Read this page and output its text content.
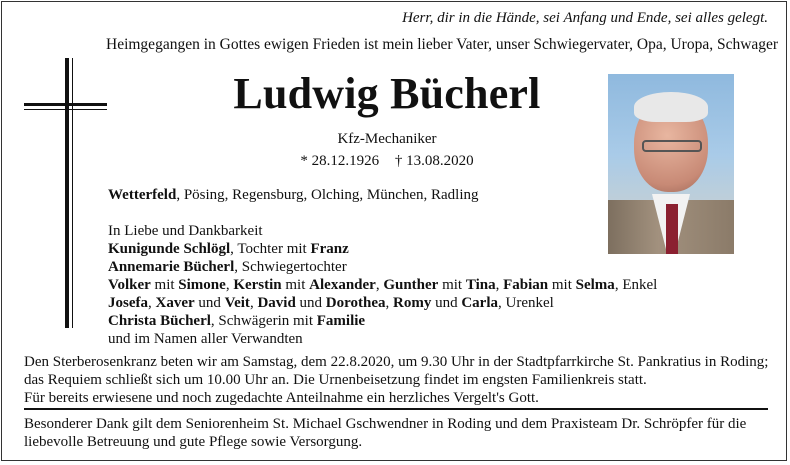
Herr, dir in die Hände, sei Anfang und Ende, sei alles gelegt.
Heimgegangen in Gottes ewigen Frieden ist mein lieber Vater, unser Schwiegervater, Opa, Uropa, Schwager
Ludwig Bücherl
Kfz-Mechaniker
* 28.12.1926 † 13.08.2020
Wetterfeld, Pösing, Regensburg, Olching, München, Radling
In Liebe und Dankbarkeit
Kunigunde Schlögl, Tochter mit Franz
Annemarie Bücherl, Schwiegertochter
Volker mit Simone, Kerstin mit Alexander, Gunther mit Tina, Fabian mit Selma, Enkel
Josefa, Xaver und Veit, David und Dorothea, Romy und Carla, Urenkel
Christa Bücherl, Schwägerin mit Familie
und im Namen aller Verwandten
Den Sterberosenkranz beten wir am Samstag, dem 22.8.2020, um 9.30 Uhr in der Stadtpfarrkirche St. Pankratius in Roding;
das Requiem schließt sich um 10.00 Uhr an. Die Urnenbeisetzung findet im engsten Familienkreis statt.
Für bereits erwiesene und noch zugedachte Anteilnahme ein herzliches Vergelt's Gott.
Besonderer Dank gilt dem Seniorenheim St. Michael Gschwendner in Roding und dem Praxisteam Dr. Schröpfer für die
liebevolle Betreuung und gute Pflege sowie Versorgung.
